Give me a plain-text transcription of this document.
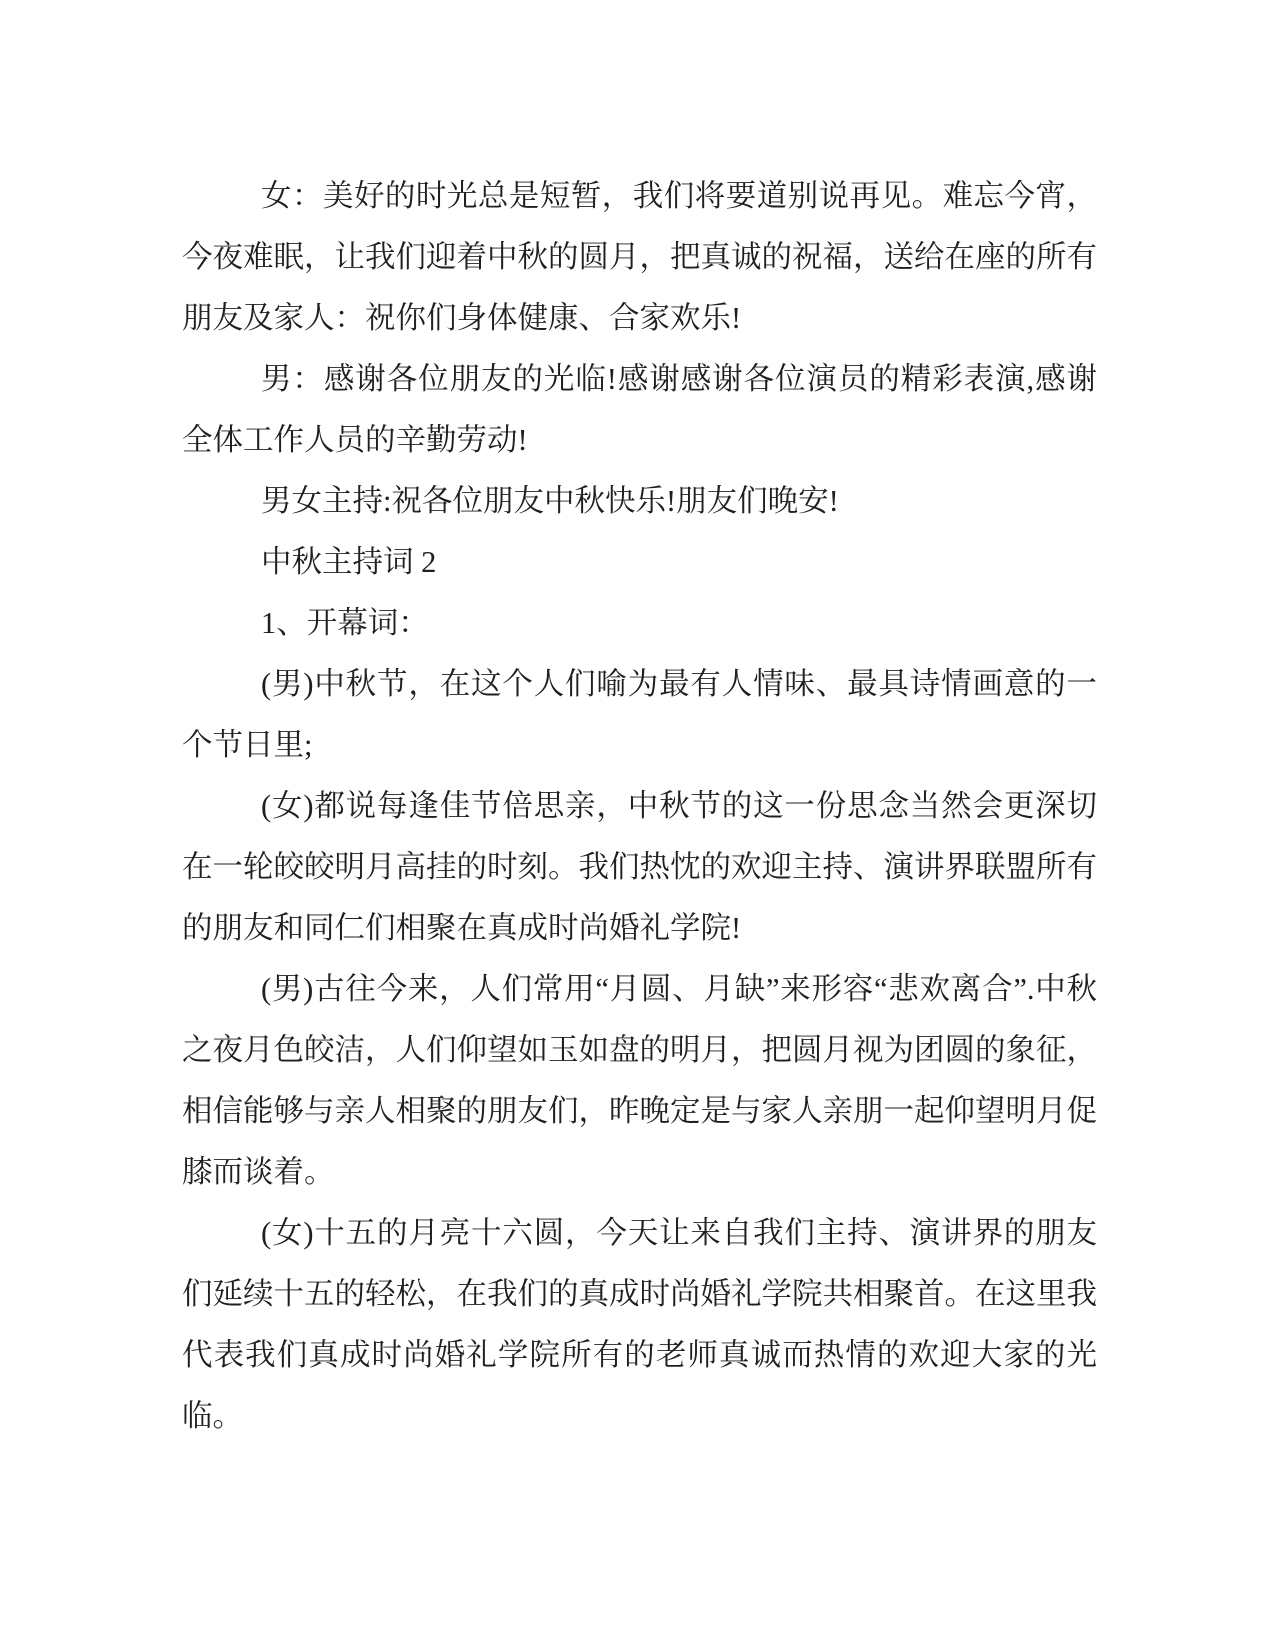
女：美好的时光总是短暂，我们将要道别说再见。难忘今宵，今夜难眠，让我们迎着中秋的圆月，把真诚的祝福，送给在座的所有朋友及家人：祝你们身体健康、合家欢乐!

男：感谢各位朋友的光临!感谢感谢各位演员的精彩表演,感谢全体工作人员的辛勤劳动!

男女主持:祝各位朋友中秋快乐!朋友们晚安!

中秋主持词 2

1、开幕词：

(男)中秋节，在这个人们喻为最有人情味、最具诗情画意的一个节日里;

(女)都说每逢佳节倍思亲，中秋节的这一份思念当然会更深切在一轮皎皎明月高挂的时刻。我们热忱的欢迎主持、演讲界联盟所有的朋友和同仁们相聚在真成时尚婚礼学院!

(男)古往今来，人们常用“月圆、月缺”来形容“悲欢离合”.中秋之夜月色皎洁，人们仰望如玉如盘的明月，把圆月视为团圆的象征，相信能够与亲人相聚的朋友们，昨晚定是与家人亲朋一起仰望明月促膝而谈着。

(女)十五的月亮十六圆，今天让来自我们主持、演讲界的朋友们延续十五的轻松，在我们的真成时尚婚礼学院共相聚首。在这里我代表我们真成时尚婚礼学院所有的老师真诚而热情的欢迎大家的光临。
